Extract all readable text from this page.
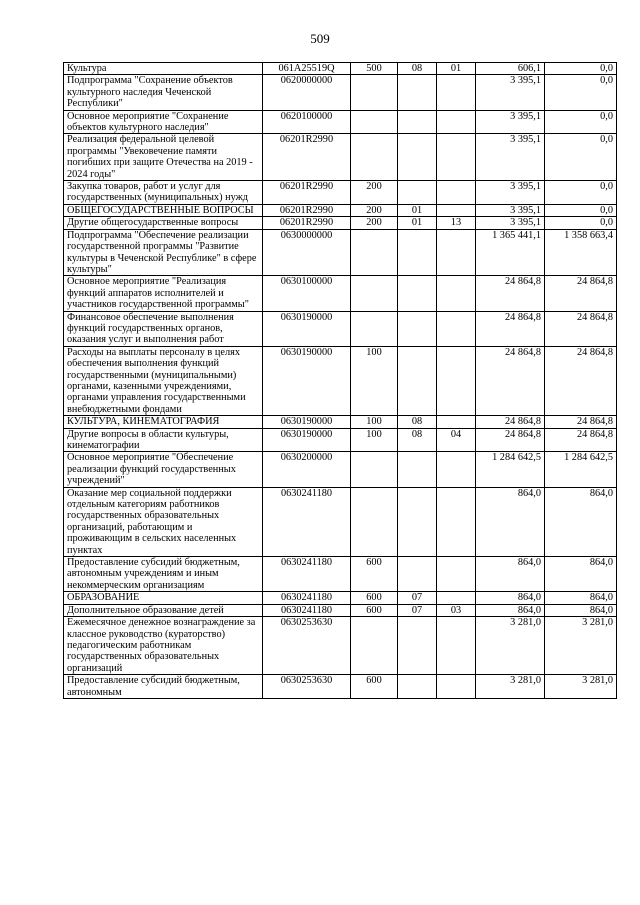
509
Культура	061А25519Q	500	08	01	606,1	0,0
Подпрограмма "Сохранение объектов культурного наследия Чеченской Республики"	0620000000				3 395,1	0,0
Основное мероприятие "Сохранение объектов культурного наследия"	0620100000				3 395,1	0,0
Реализация федеральной целевой программы "Увековечение памяти погибших при защите Отечества на 2019 - 2024 годы"	06201R2990				3 395,1	0,0
Закупка товаров, работ и услуг для государственных (муниципальных) нужд	06201R2990	200			3 395,1	0,0
ОБЩЕГОСУДАРСТВЕННЫЕ ВОПРОСЫ	06201R2990	200	01		3 395,1	0,0
Другие общегосударственные вопросы	06201R2990	200	01	13	3 395,1	0,0
Подпрограмма "Обеспечение реализации государственной программы "Развитие культуры в Чеченской Республике" в сфере культуры"	0630000000				1 365 441,1	1 358 663,4
Основное мероприятие "Реализация функций аппаратов исполнителей и участников государственной программы"	0630100000				24 864,8	24 864,8
Финансовое обеспечение выполнения функций государственных органов, оказания услуг и выполнения работ	0630190000				24 864,8	24 864,8
Расходы на выплаты персоналу в целях обеспечения выполнения функций государственными (муниципальными) органами, казенными учреждениями, органами управления государственными внебюджетными фондами	0630190000	100			24 864,8	24 864,8
КУЛЬТУРА, КИНЕМАТОГРАФИЯ	0630190000	100	08		24 864,8	24 864,8
Другие вопросы в области культуры, кинематографии	0630190000	100	08	04	24 864,8	24 864,8
Основное мероприятие "Обеспечение реализации функций государственных учреждений"	0630200000				1 284 642,5	1 284 642,5
Оказание мер социальной поддержки отдельным категориям работников государственных образовательных организаций, работающим и проживающим в сельских населенных пунктах	0630241180				864,0	864,0
Предоставление субсидий бюджетным, автономным учреждениям и иным некоммерческим организациям	0630241180	600			864,0	864,0
ОБРАЗОВАНИЕ	0630241180	600	07		864,0	864,0
Дополнительное образование детей	0630241180	600	07	03	864,0	864,0
Ежемесячное денежное вознаграждение за классное руководство (кураторство) педагогическим работникам государственных образовательных организаций	0630253630				3 281,0	3 281,0
Предоставление субсидий бюджетным, автономным	0630253630	600			3 281,0	3 281,0
